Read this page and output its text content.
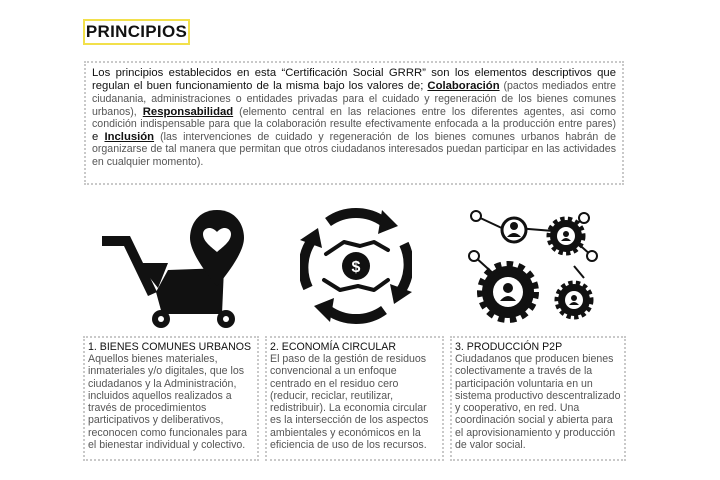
PRINCIPIOS
Los principios establecidos en esta “Certificación Social GRRR” son los elementos descriptivos que regulan el buen funcionamiento de la misma bajo los valores de; Colaboración (pactos mediados entre ciudanania, administraciones o entidades privadas para el cuidado y regeneración de los bienes comunes urbanos), Responsabilidad (elemento central en las relaciones entre los diferentes agentes, asi como condición indispensable para que la colaboración resulte efectivamente enfocada a la producción entre pares) e Inclusión (las intervenciones de cuidado y regeneración de los bienes comunes urbanos habrán de organizarse de tal manera que permitan que otros ciudadanos interesados puedan participar en las actividades en cualquier momento).
$
1. BIENES COMUNES URBANOS
Aquellos bienes materiales, inmateriales y/o digitales, que los ciudadanos y la Administración, incluidos aquellos realizados a través de procedimientos participativos y deliberativos, reconocen como funcionales para el bienestar individual y colectivo.
2. ECONOMÍA CIRCULAR
El paso de la gestión de residuos convencional a un enfoque centrado en el residuo cero (reducir, reciclar, reutilizar, redistribuir). La economia circular es la intersección de los aspectos ambientales y económicos en la eficiencia de uso de los recursos.
3. PRODUCCIÓN P2P
Ciudadanos que producen bienes colectivamente a través de la participación voluntaria en un sistema productivo descentralizado y cooperativo, en red. Una coordinación social y abierta para el aprovisionamiento y producción de valor social.
